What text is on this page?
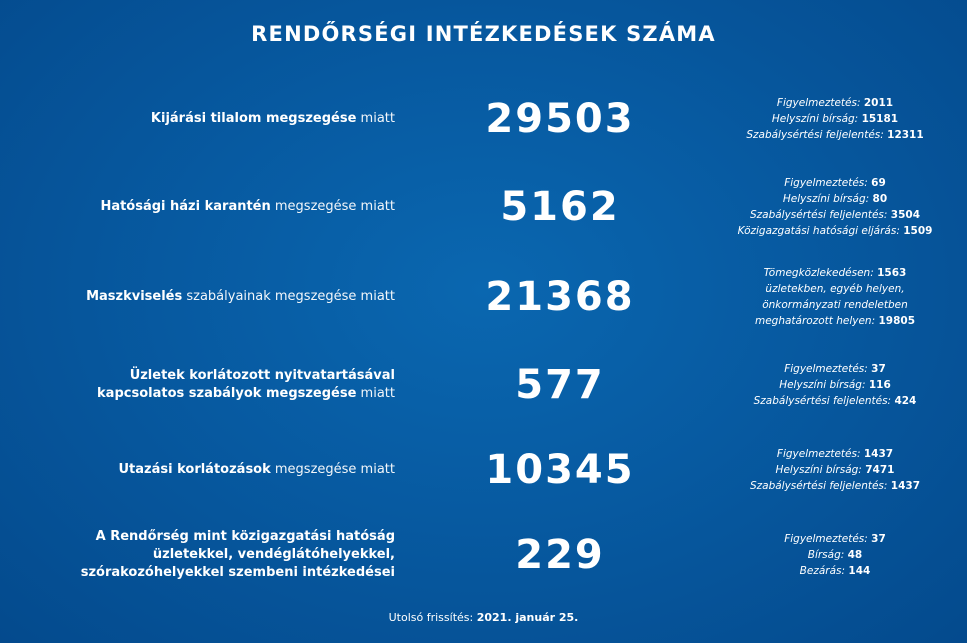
RENDŐRSÉGI INTÉZKEDÉSEK SZÁMA
Kijárási tilalom megszegése miatt	29503	Figyelmeztetés: 2011
Helyszíni bírság: 15181
Szabálysértési feljelentés: 12311
Hatósági házi karantén megszegése miatt	5162
Figyelmeztetés: 69
Helyszíni bírság: 80
Szabálysértési feljelentés: 3504
Közigazgatási hatósági eljárás: 1509
Maszkviselés szabályainak megszegése miatt	21368
Tömegközlekedésen: 1563
üzletekben, egyéb helyen,
önkormányzati rendeletben
meghatározott helyen: 19805
Üzletek korlátozott nyitvatartásával kapcsolatos szabályok megszegése miatt	577	Figyelmeztetés: 37
Helyszíni bírság: 116
Szabálysértési feljelentés: 424
Utazási korlátozások megszegése miatt	10345	Figyelmeztetés: 1437
Helyszíni bírság: 7471
Szabálysértési feljelentés: 1437
A Rendőrség mint közigazgatási hatóság üzletekkel, vendéglátóhelyekkel, szórakozóhelyekkel szembeni intézkedései	229	Figyelmeztetés: 37
Bírság: 48
Bezárás: 144
Utolsó frissítés: 2021. január 25.
